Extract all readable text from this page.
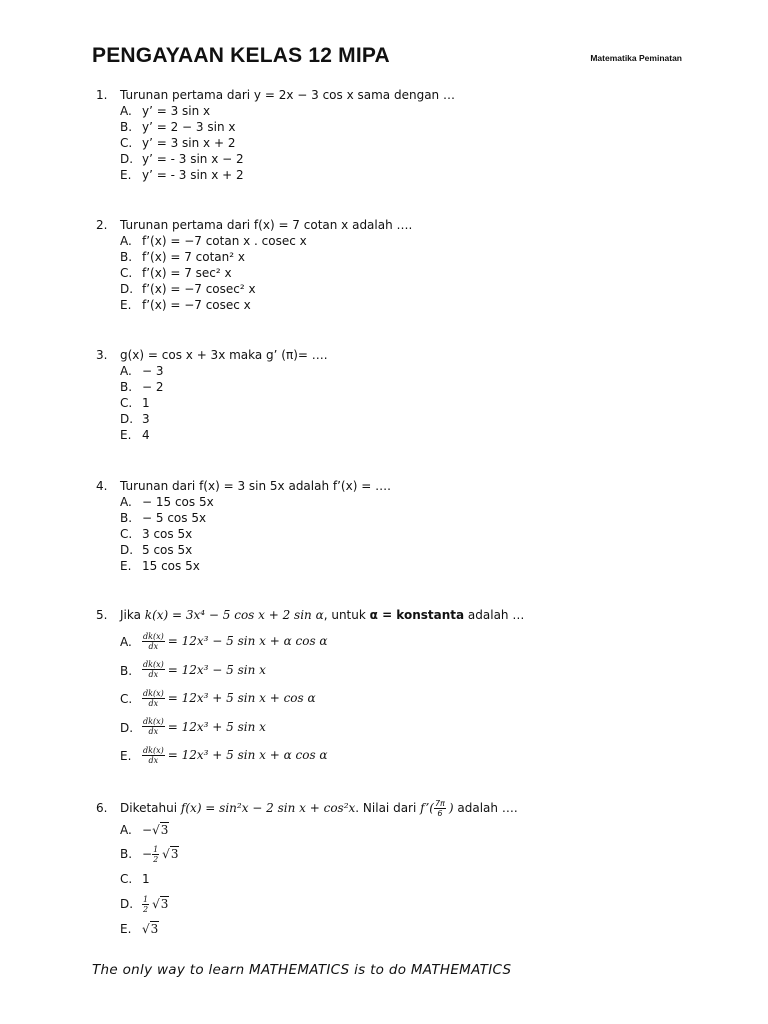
PENGAYAAN KELAS 12 MIPA	Matematika Peminatan
1. Turunan pertama dari y = 2x − 3 cos x sama dengan …
A. y’ = 3 sin x
B. y’ = 2 − 3 sin x
C. y’ = 3 sin x + 2
D. y’ = - 3 sin x − 2
E. y’ = - 3 sin x + 2
2. Turunan pertama dari f(x) = 7 cotan x adalah ….
A. f’(x) = −7 cotan x . cosec x
B. f’(x) = 7 cotan² x
C. f’(x) = 7 sec² x
D. f’(x) = −7 cosec² x
E. f’(x) = −7 cosec x
3. g(x) = cos x + 3x maka g’ (π)= ….
A. − 3
B. − 2
C. 1
D. 3
E. 4
4. Turunan dari f(x) = 3 sin 5x adalah f’(x) = ….
A. − 15 cos 5x
B. − 5 cos 5x
C. 3 cos 5x
D. 5 cos 5x
E. 15 cos 5x
5. Jika k(x) = 3x⁴ − 5 cos x + 2 sin α, untuk α = konstanta adalah …
A. $\frac{dk(x)}{dx} = 12x^3 - 5$ sin x + α cos α
B. $\frac{dk(x)}{dx} = 12x^3 - 5$ sin x
C. $\frac{dk(x)}{dx} = 12x^3 + 5$ sin x + cos α
D. $\frac{dk(x)}{dx} = 12x^3 + 5$ sin x
E. $\frac{dk(x)}{dx} = 12x^3 + 5$ sin x + α cos α
6. Diketahui
f(x) = sin²x − 2 sin x + cos²x . Nilai dari
f’( $\frac{7\pi}{6}$ )
adalah ….
A. − √3
B. − $\frac{1}{2} √3$
C. 1
D. $\frac{1}{2} √3$
E. √3
The only way to learn MATHEMATICS is to do MATHEMATICS
